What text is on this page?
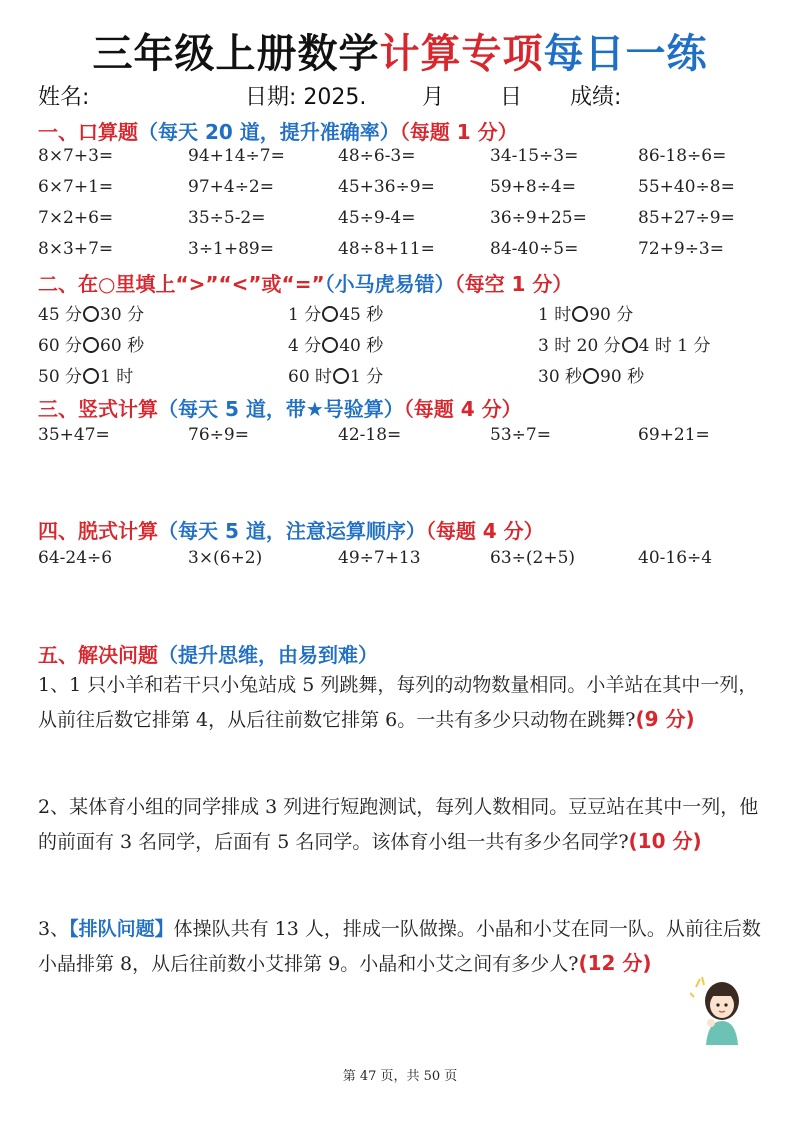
三年级上册数学计算专项每日一练
姓名:	日期: 2025.	月	日 成绩:
一、口算题（每天 20 道，提升准确率）（每题 1 分）
8×7+3=	94+14÷7=	48÷6-3=	34-15÷3=	86-18÷6=
6×7+1=	97+4÷2=	45+36÷9=	59+8÷4=	55+40÷8=
7×2+6=	35÷5-2=	45÷9-4=	36÷9+25=	85+27÷9=
8×3+7=	3÷1+89=	48÷8+11=	84-40÷5=	72+9÷3=
二、在○里填上“>”“<”或“=”（小马虎易错）（每空 1 分）
45 分 30 分	1 分 45 秒	1 时 90 分
60 分 60 秒	4 分 40 秒	3 时 20 分 4 时 1 分
50 分 1 时	60 时 1 分	30 秒 90 秒
三、竖式计算（每天 5 道，带★号验算）（每题 4 分）
35+47=	76÷9=	42-18=	53÷7=	69+21=
四、脱式计算（每天 5 道，注意运算顺序）（每题 4 分）
64-24÷6	3×(6+2)	49÷7+13	63÷(2+5)	40-16÷4
五、解决问题（提升思维，由易到难）
1、1 只小羊和若干只小兔站成 5 列跳舞，每列的动物数量相同。小羊站在其中一列，从前往后数它排第 4，从后往前数它排第 6。一共有多少只动物在跳舞?(9 分)
2、某体育小组的同学排成 3 列进行短跑测试，每列人数相同。豆豆站在其中一列，他的前面有 3 名同学，后面有 5 名同学。该体育小组一共有多少名同学?(10 分)
3、【排队问题】体操队共有 13 人，排成一队做操。小晶和小艾在同一队。从前往后数小晶排第 8，从后往前数小艾排第 9。小晶和小艾之间有多少人?(12 分)
第 47 页，共 50 页
